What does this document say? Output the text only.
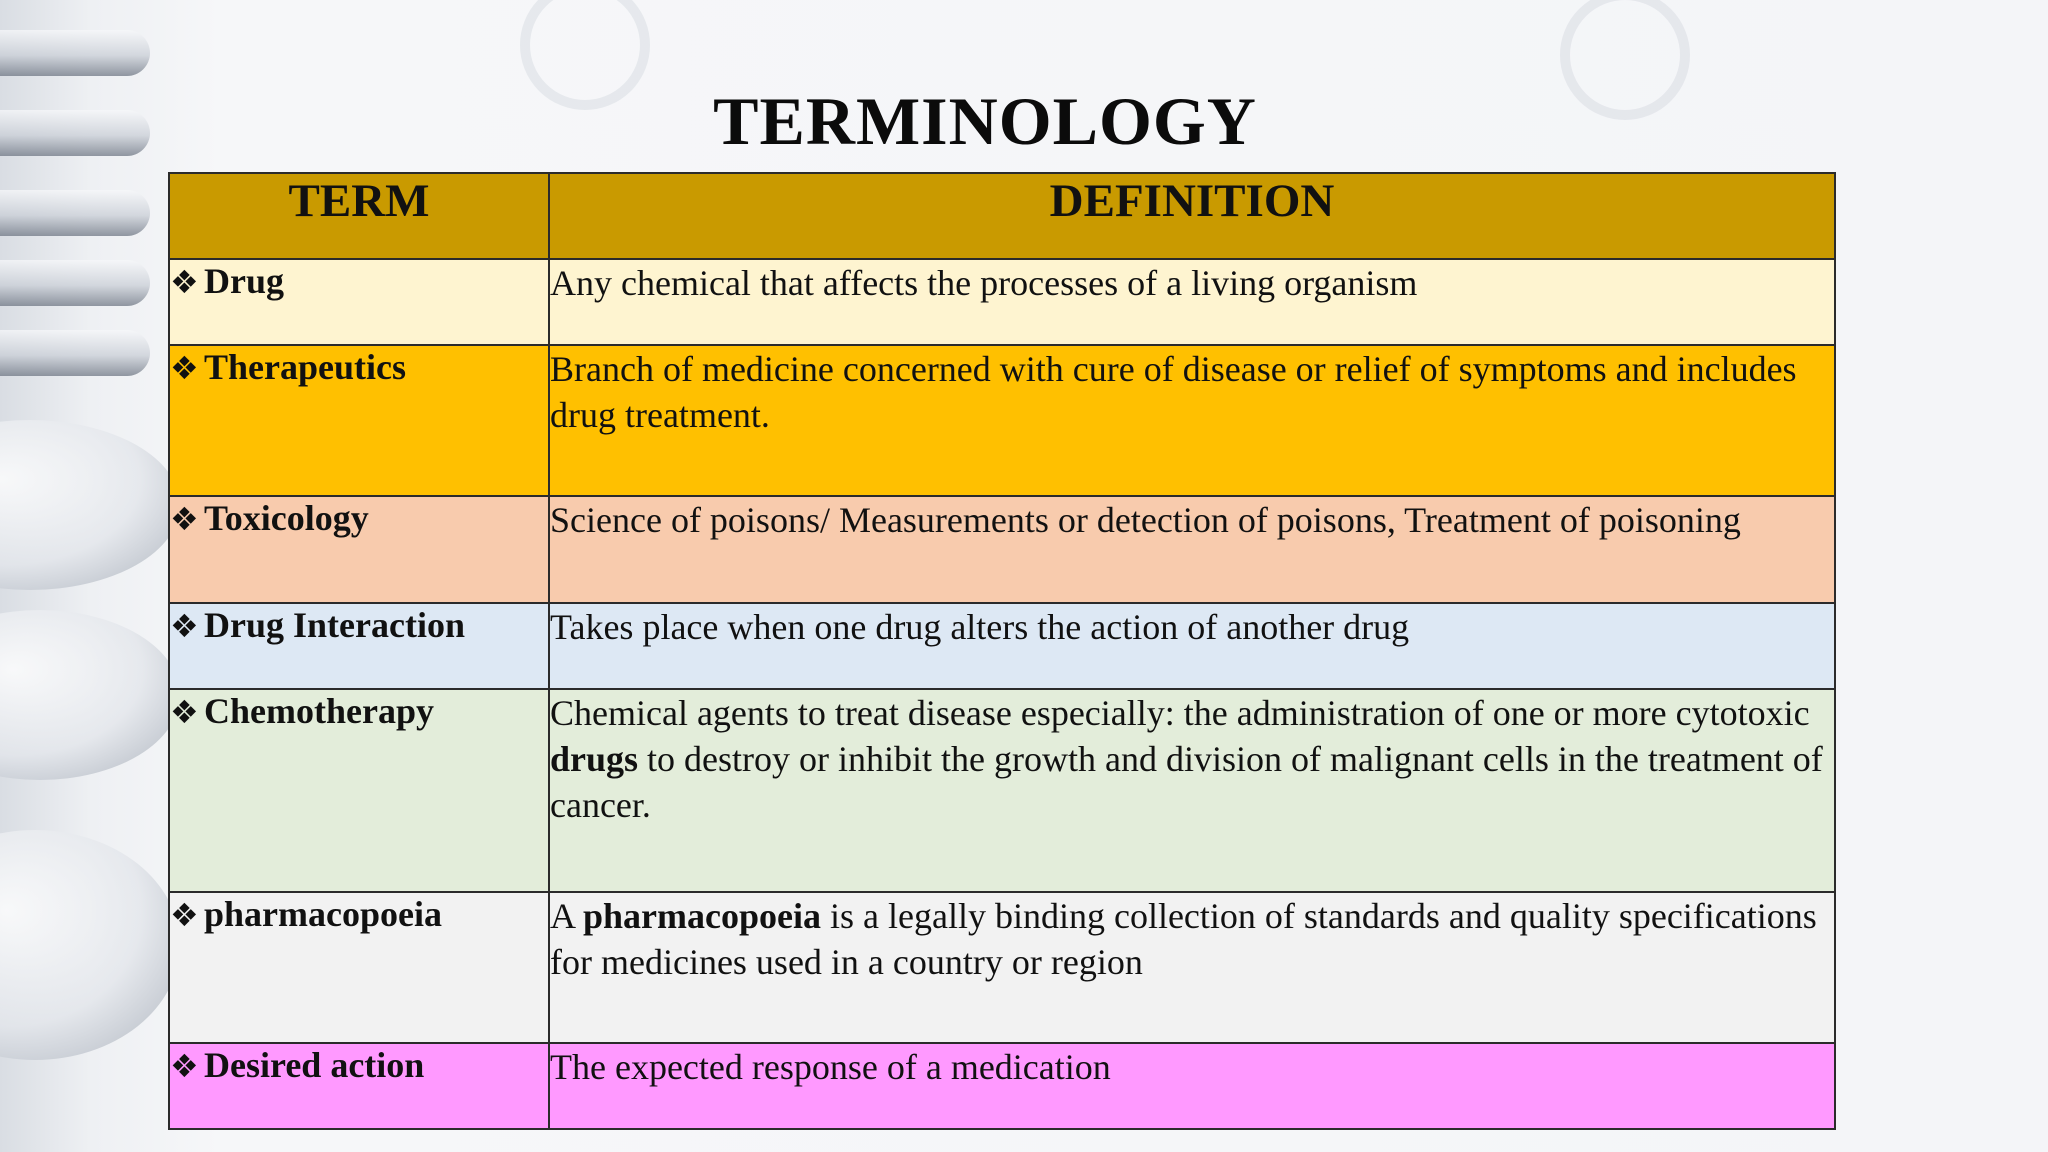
TERMINOLOGY
TERM	DEFINITION
❖ Drug	Any chemical that affects the processes of a living organism
❖ Therapeutics	Branch of medicine concerned with cure of disease or relief of symptoms and includes drug treatment.
❖ Toxicology	Science of poisons/ Measurements or detection of poisons, Treatment of poisoning
❖ Drug Interaction	Takes place when one drug alters the action of another drug
❖ Chemotherapy	Chemical agents to treat disease especially: the administration of one or more cytotoxic drugs to destroy or inhibit the growth and division of malignant cells in the treatment of cancer.
❖ pharmacopoeia	A pharmacopoeia is a legally binding collection of standards and quality specifications for medicines used in a country or region
❖ Desired action	The expected response of a medication
